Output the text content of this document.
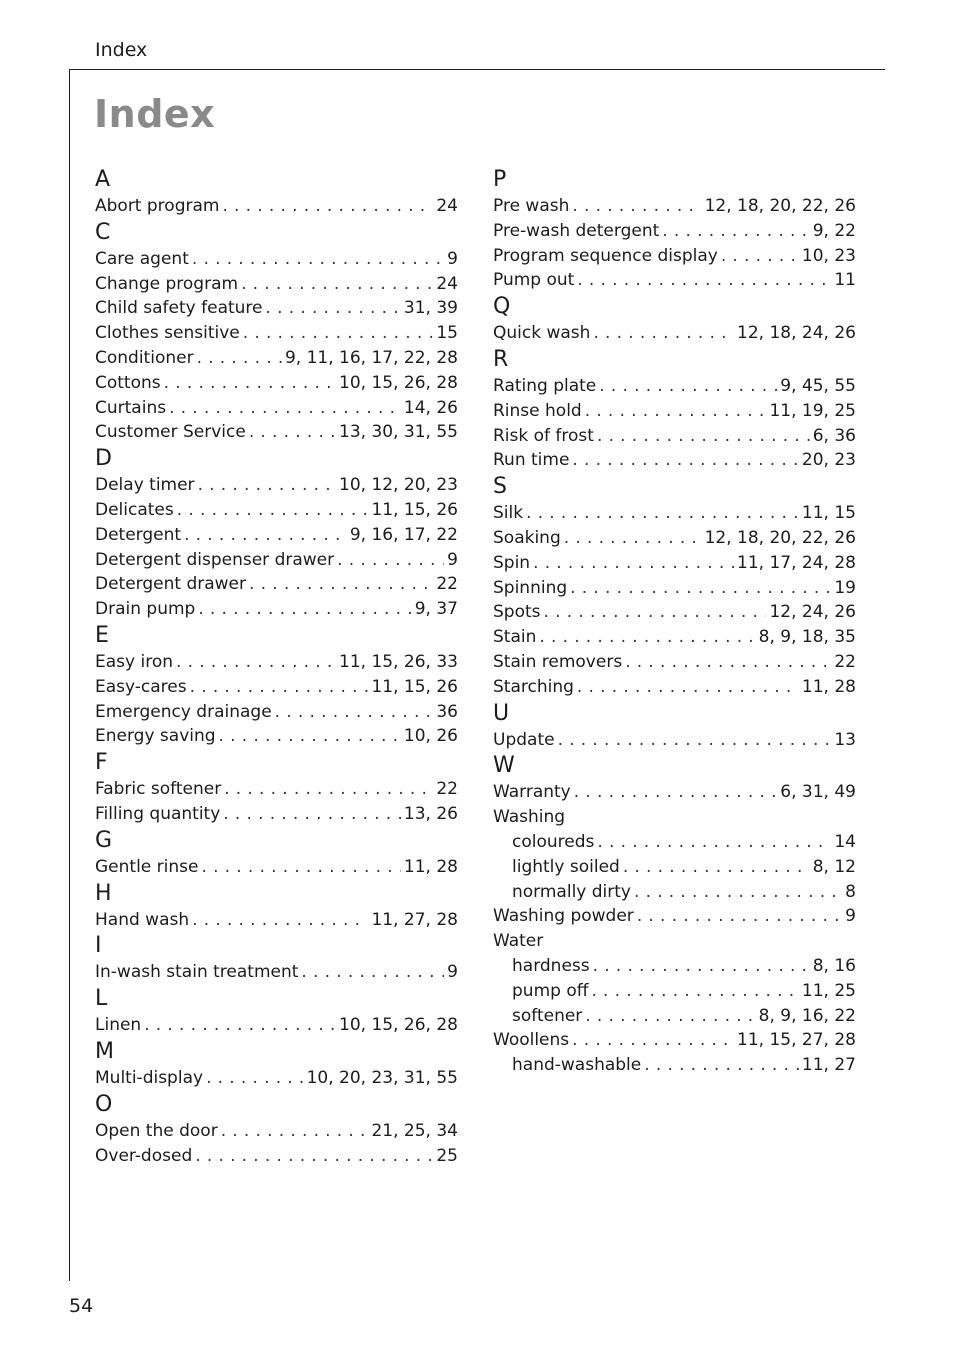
Index
Index
A
Abort program . . .	24
C
Care agent . . .	9
Change program . . .	24
Child safety feature . . .	31, 39
Clothes sensitive . . .	15
Conditioner . . .	9, 11, 16, 17, 22, 28
Cottons . . .	10, 15, 26, 28
Curtains . . .	14, 26
Customer Service . . .	13, 30, 31, 55
D
Delay timer . . .	10, 12, 20, 23
Delicates . . .	11, 15, 26
Detergent . . .	9, 16, 17, 22
Detergent dispenser drawer . . .	9
Detergent drawer . . .	22
Drain pump . . .	9, 37
E
Easy iron . . .	11, 15, 26, 33
Easy-cares . . .	11, 15, 26
Emergency drainage . . .	36
Energy saving . . .	10, 26
F
Fabric softener . . .	22
Filling quantity . . .	13, 26
G
Gentle rinse . . .	11, 28
H
Hand wash . . .	11, 27, 28
I
In-wash stain treatment . . .	9
L
Linen . . .	10, 15, 26, 28
M
Multi-display . . .	10, 20, 23, 31, 55
O
Open the door . . .	21, 25, 34
Over-dosed . . .	25
P
Pre wash . . .	12, 18, 20, 22, 26
Pre-wash detergent . . .	9, 22
Program sequence display . . .	10, 23
Pump out . . .	11
Q
Quick wash . . .	12, 18, 24, 26
R
Rating plate . . .	9, 45, 55
Rinse hold . . .	11, 19, 25
Risk of frost . . .	6, 36
Run time . . .	20, 23
S
Silk . . .	11, 15
Soaking . . .	12, 18, 20, 22, 26
Spin . . .	11, 17, 24, 28
Spinning . . .	19
Spots . . .	12, 24, 26
Stain . . .	8, 9, 18, 35
Stain removers . . .	22
Starching . . .	11, 28
U
Update . . .	13
W
Warranty . . .	6, 31, 49
Washing
coloureds . . .	14
lightly soiled . . .	8, 12
normally dirty . . .	8
Washing powder . . .	9
Water
hardness . . .	8, 16
pump off . . .	11, 25
softener . . .	8, 9, 16, 22
Woollens . . .	11, 15, 27, 28
hand-washable . . .	11, 27
54
